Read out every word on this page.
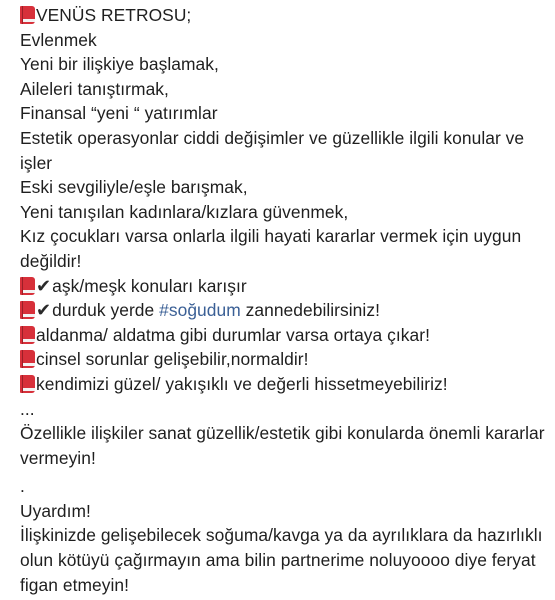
VENÜS RETROSU;
Evlenmek
Yeni bir ilişkiye başlamak,
Aileleri tanıştırmak,
Finansal “yeni “ yatırımlar
Estetik operasyonlar ciddi değişimler ve güzellikle ilgili konular ve işler
Eski sevgiliyle/eşle barışmak,
Yeni tanışılan kadınlara/kızlara güvenmek,
Kız çocukları varsa onlarla ilgili hayati kararlar vermek için uygun değildir!
✔aşk/meşk konuları karışır
✔durduk yerde #soğudum zannedebilirsiniz!
aldanma/ aldatma gibi durumlar varsa ortaya çıkar!
cinsel sorunlar gelişebilir,normaldir!
kendimizi güzel/ yakışıklı ve değerli hissetmeyebiliriz!
...
Özellikle ilişkiler sanat güzellik/estetik gibi konularda önemli kararlar vermeyin!
.
Uyardım!
İlişkinizde gelişebilecek soğuma/kavga ya da ayrılıklara da hazırlıklı olun kötüyü çağırmayın ama bilin partnerime noluyoooo diye feryat figan etmeyin!
